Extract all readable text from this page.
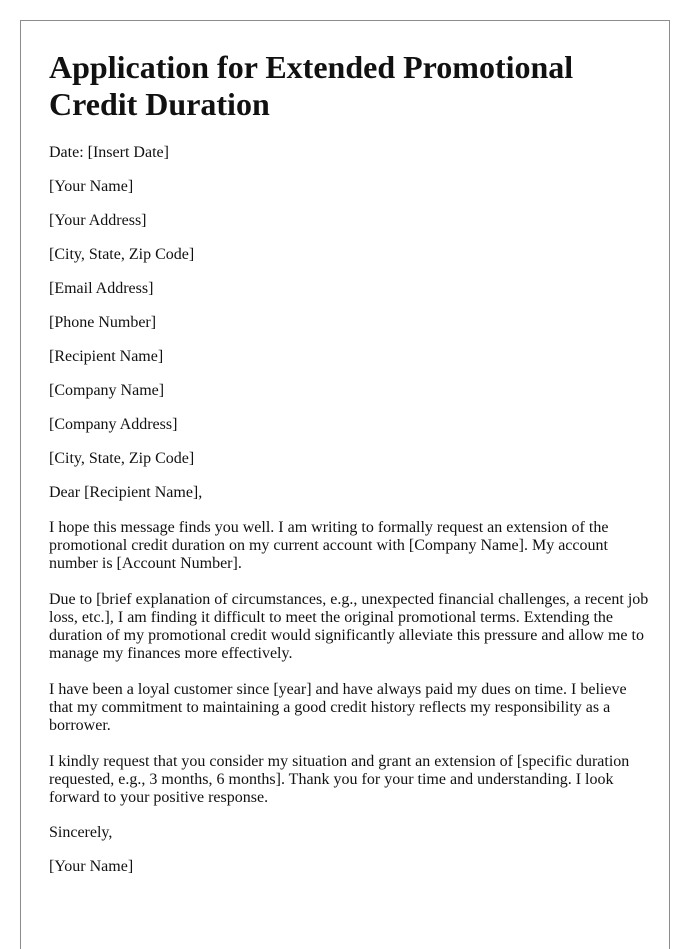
Application for Extended Promotional Credit Duration

Date: [Insert Date]

[Your Name]

[Your Address]

[City, State, Zip Code]

[Email Address]

[Phone Number]

[Recipient Name]

[Company Name]

[Company Address]

[City, State, Zip Code]

Dear [Recipient Name],

I hope this message finds you well. I am writing to formally request an extension of the promotional credit duration on my current account with [Company Name]. My account number is [Account Number].

Due to [brief explanation of circumstances, e.g., unexpected financial challenges, a recent job loss, etc.], I am finding it difficult to meet the original promotional terms. Extending the duration of my promotional credit would significantly alleviate this pressure and allow me to manage my finances more effectively.

I have been a loyal customer since [year] and have always paid my dues on time. I believe that my commitment to maintaining a good credit history reflects my responsibility as a borrower.

I kindly request that you consider my situation and grant an extension of [specific duration requested, e.g., 3 months, 6 months]. Thank you for your time and understanding. I look forward to your positive response.

Sincerely,

[Your Name]
